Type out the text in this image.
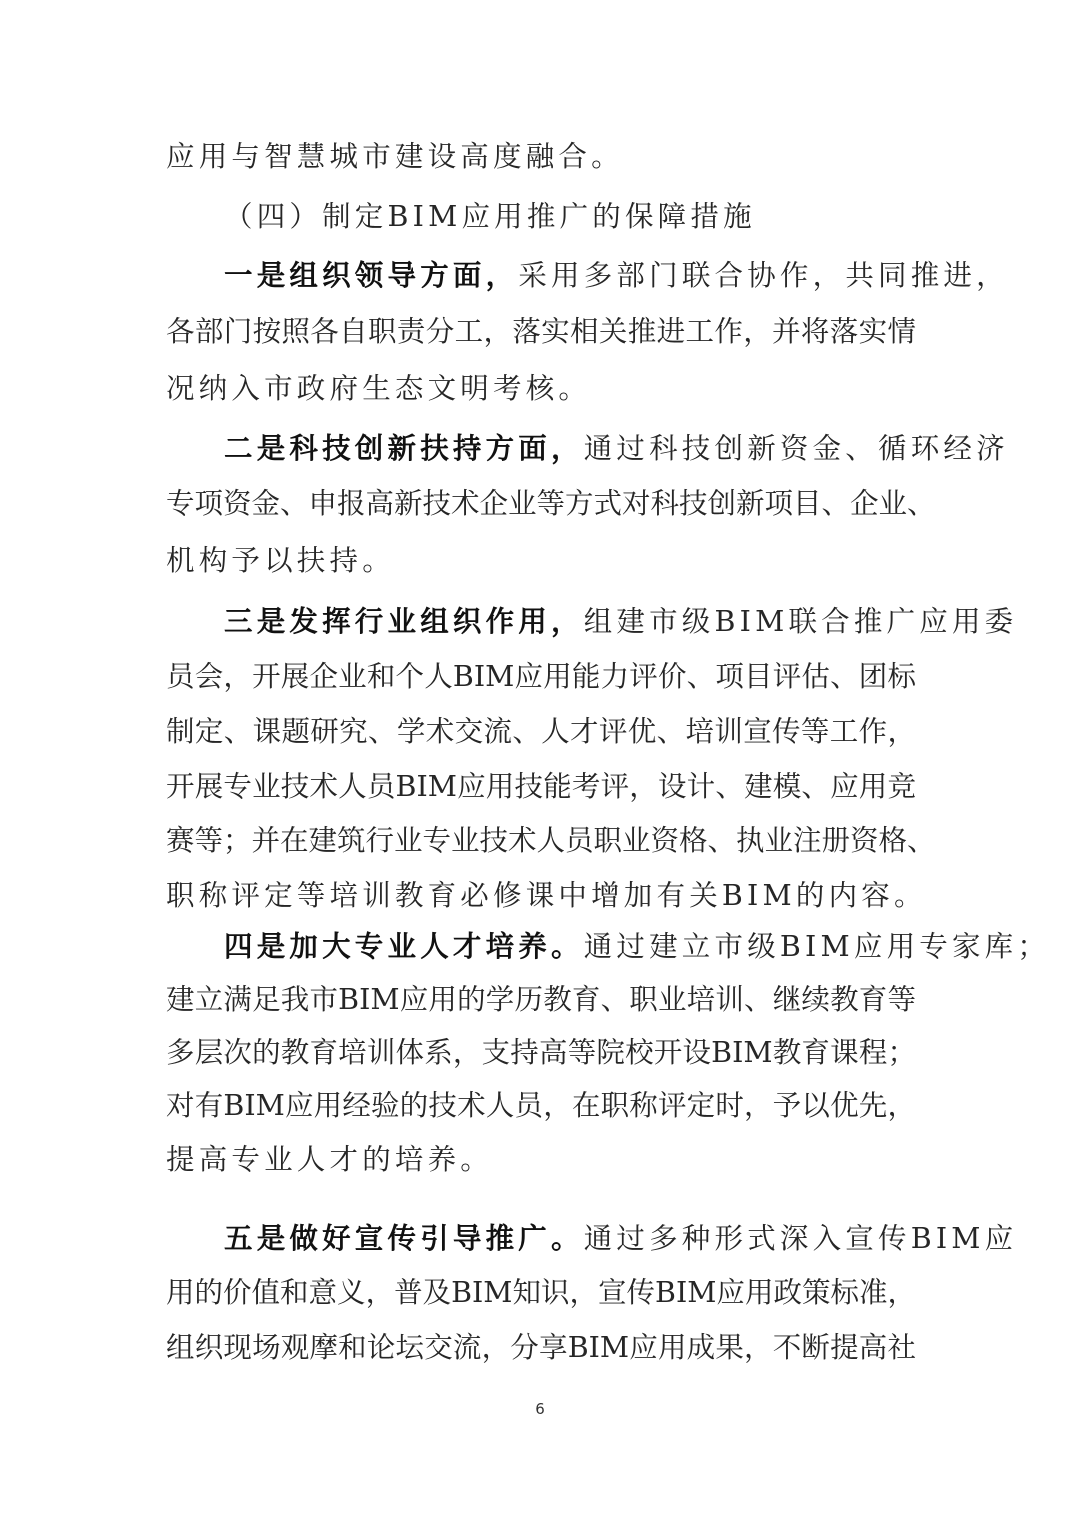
应用与智慧城市建设高度融合。
（四）制定BIM应用推广的保障措施
一是组织领导方面，采用多部门联合协作，共同推进，
各部门按照各自职责分工，落实相关推进工作，并将落实情
况纳入市政府生态文明考核。
二是科技创新扶持方面，通过科技创新资金、循环经济
专项资金、申报高新技术企业等方式对科技创新项目、企业、
机构予以扶持。
三是发挥行业组织作用，组建市级BIM联合推广应用委
员会，开展企业和个人BIM应用能力评价、项目评估、团标
制定、课题研究、学术交流、人才评优、培训宣传等工作，
开展专业技术人员BIM应用技能考评，设计、建模、应用竞
赛等；并在建筑行业专业技术人员职业资格、执业注册资格、
职称评定等培训教育必修课中增加有关BIM的内容。
四是加大专业人才培养。通过建立市级BIM应用专家库；
建立满足我市BIM应用的学历教育、职业培训、继续教育等
多层次的教育培训体系，支持高等院校开设BIM教育课程；
对有BIM应用经验的技术人员，在职称评定时，予以优先，
提高专业人才的培养。
五是做好宣传引导推广。通过多种形式深入宣传BIM应
用的价值和意义，普及BIM知识，宣传BIM应用政策标准，
组织现场观摩和论坛交流，分享BIM应用成果，不断提高社
6
